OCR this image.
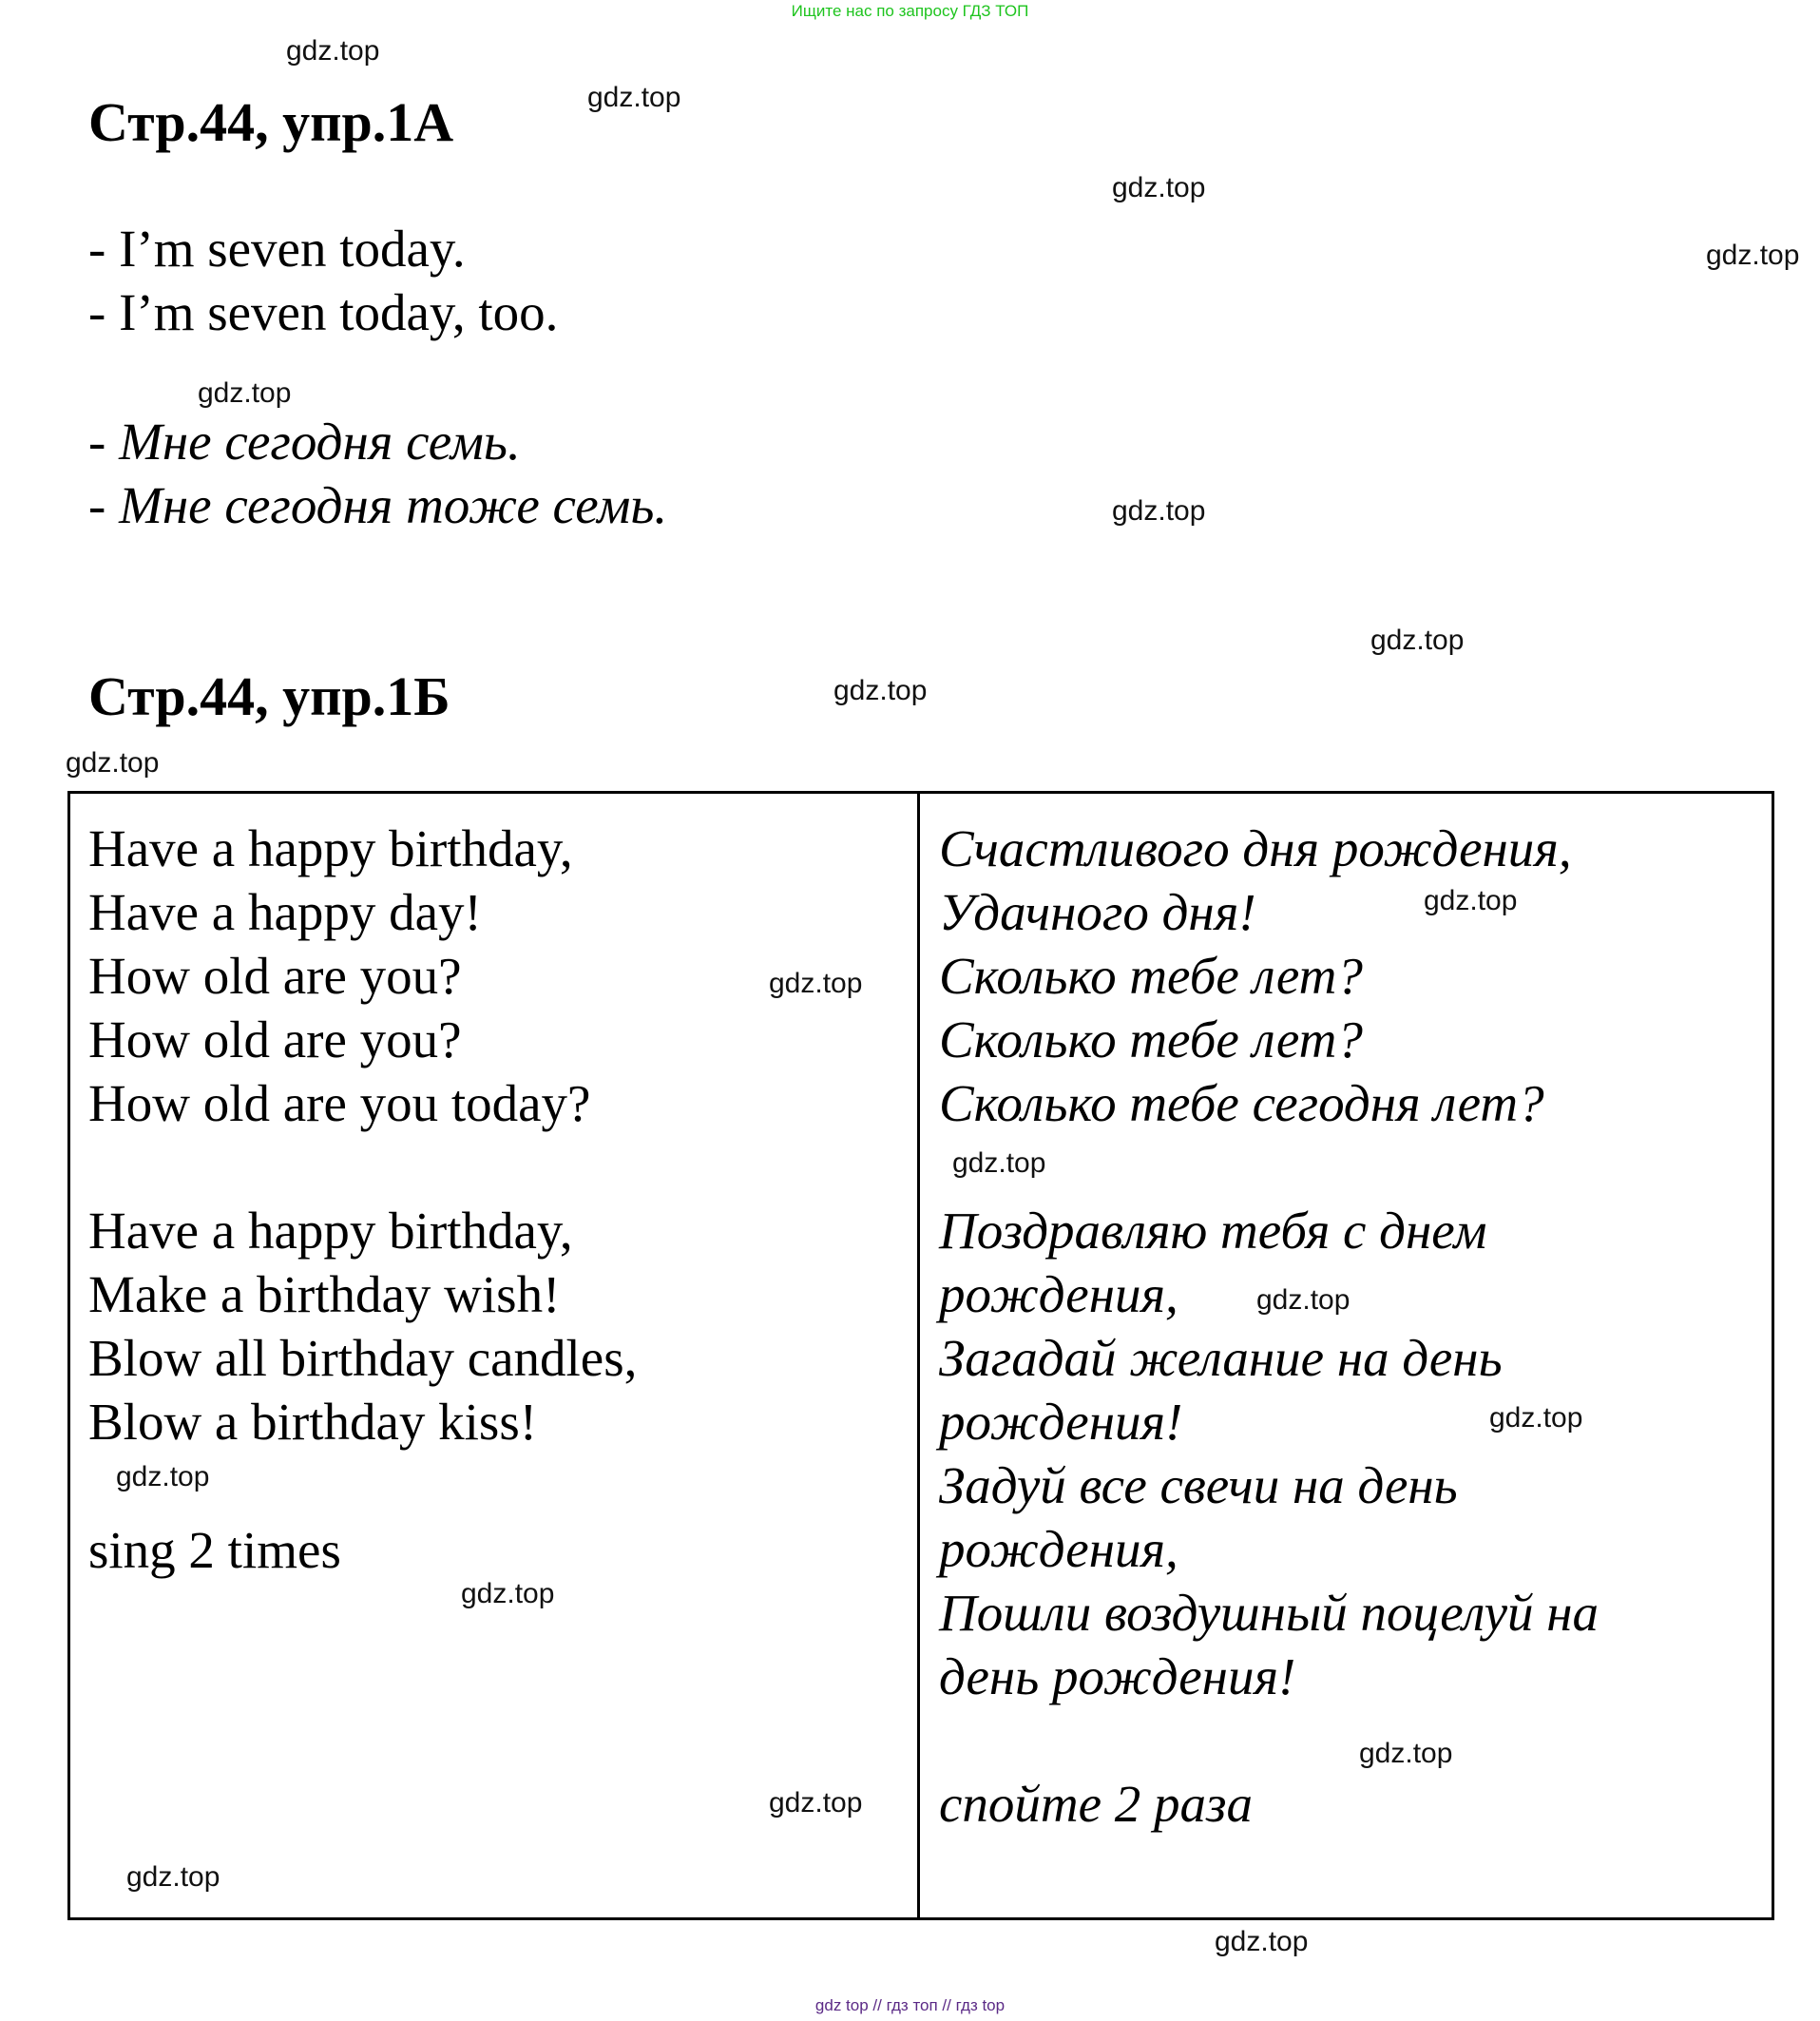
Ищите нас по запросу ГДЗ ТОП
Стр.44, упр.1А
- I’m seven today.
- I’m seven today, too.
- Мне сегодня семь.
- Мне сегодня тоже семь.
Стр.44, упр.1Б
Have a happy birthday,
Have a happy day!
How old are you?
How old are you?
How old are you today?
Have a happy birthday,
Make a birthday wish!
Blow all birthday candles,
Blow a birthday kiss!
sing 2 times
Счастливого дня рождения,
Удачного дня!
Сколько тебе лет?
Сколько тебе лет?
Сколько тебе сегодня лет?
Поздравляю тебя с днем
рождения,
Загадай желание на день
рождения!
Задуй все свечи на день
рождения,
Пошли воздушный поцелуй на
день рождения!
спойте 2 раза
gdz.top
gdz.top
gdz.top
gdz.top
gdz.top
gdz.top
gdz.top
gdz.top
gdz.top
gdz.top
gdz.top
gdz.top
gdz.top
gdz.top
gdz.top
gdz.top
gdz.top
gdz.top
gdz.top
gdz.top
gdz top // гдз топ // гдз top
